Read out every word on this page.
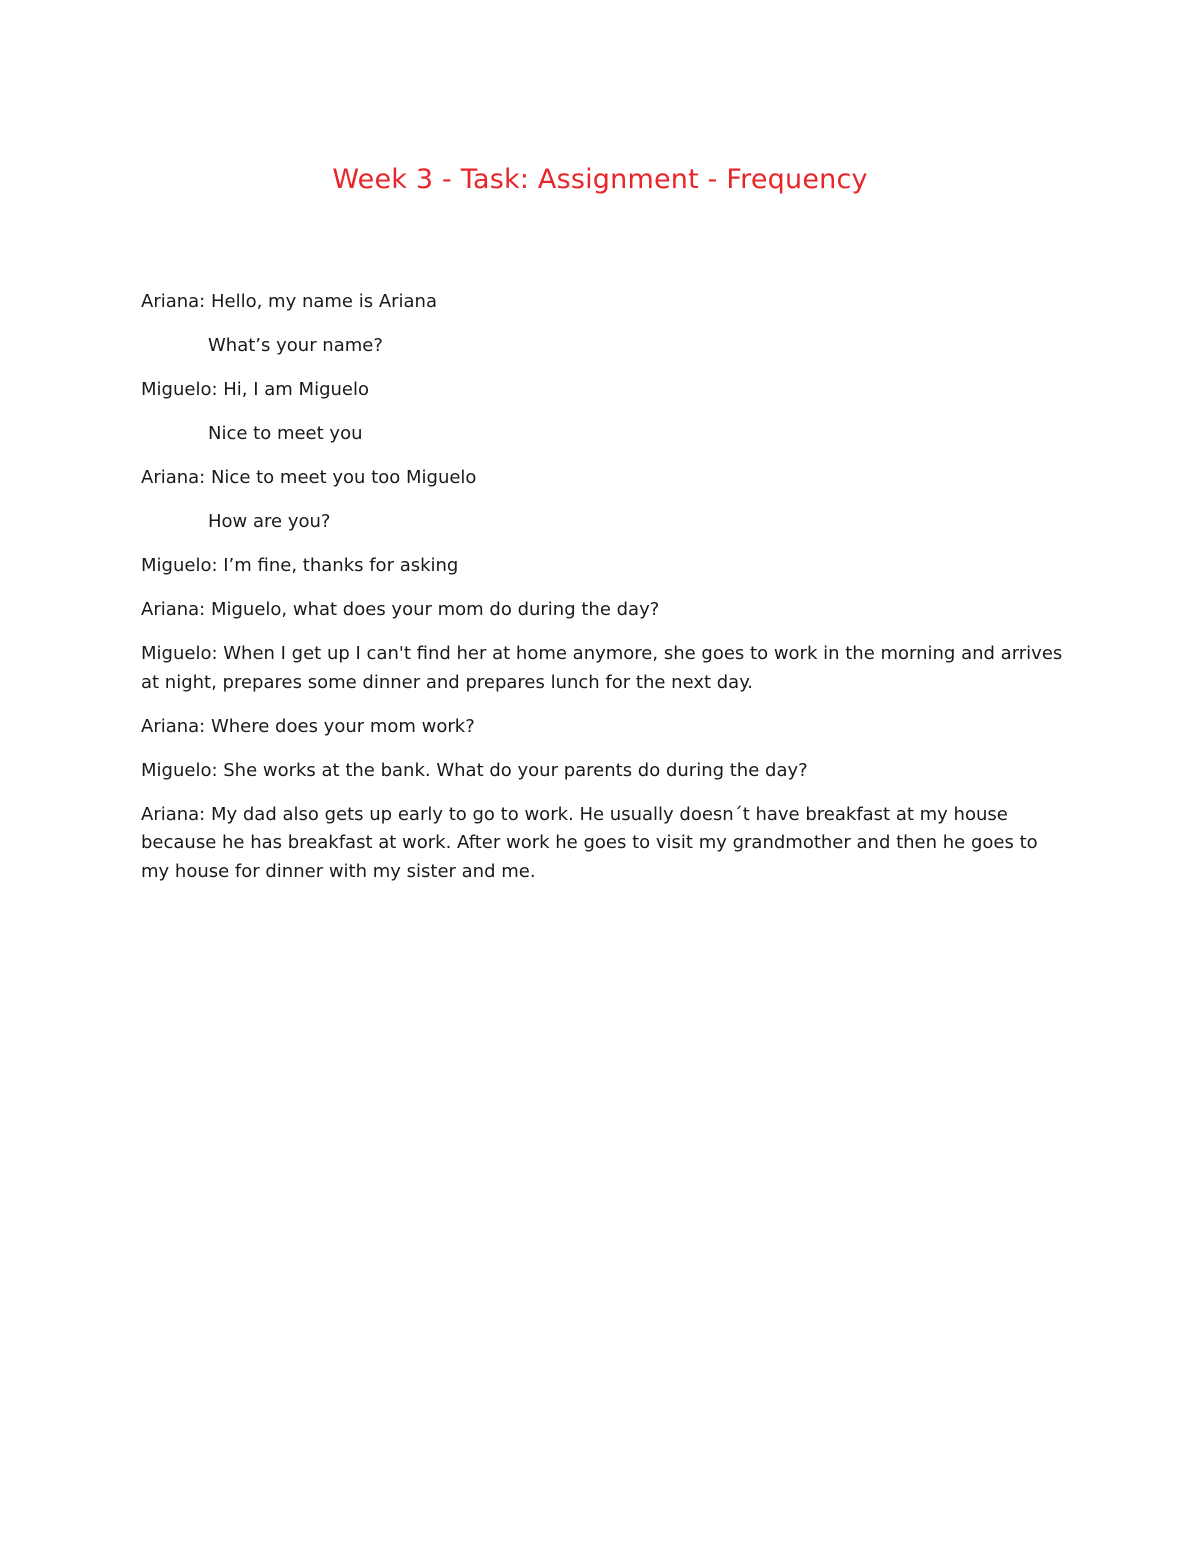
Week 3 - Task: Assignment - Frequency

Ariana: Hello, my name is Ariana

What’s your name?

Miguelo: Hi, I am Miguelo

Nice to meet you

Ariana: Nice to meet you too Miguelo

How are you?

Miguelo: I’m fine, thanks for asking

Ariana: Miguelo, what does your mom do during the day?

Miguelo: When I get up I can't find her at home anymore, she goes to work in the morning and arrives at night, prepares some dinner and prepares lunch for the next day.

Ariana: Where does your mom work?

Miguelo: She works at the bank. What do your parents do during the day?

Ariana: My dad also gets up early to go to work. He usually doesn´t have breakfast at my house because he has breakfast at work. After work he goes to visit my grandmother and then he goes to my house for dinner with my sister and me.
